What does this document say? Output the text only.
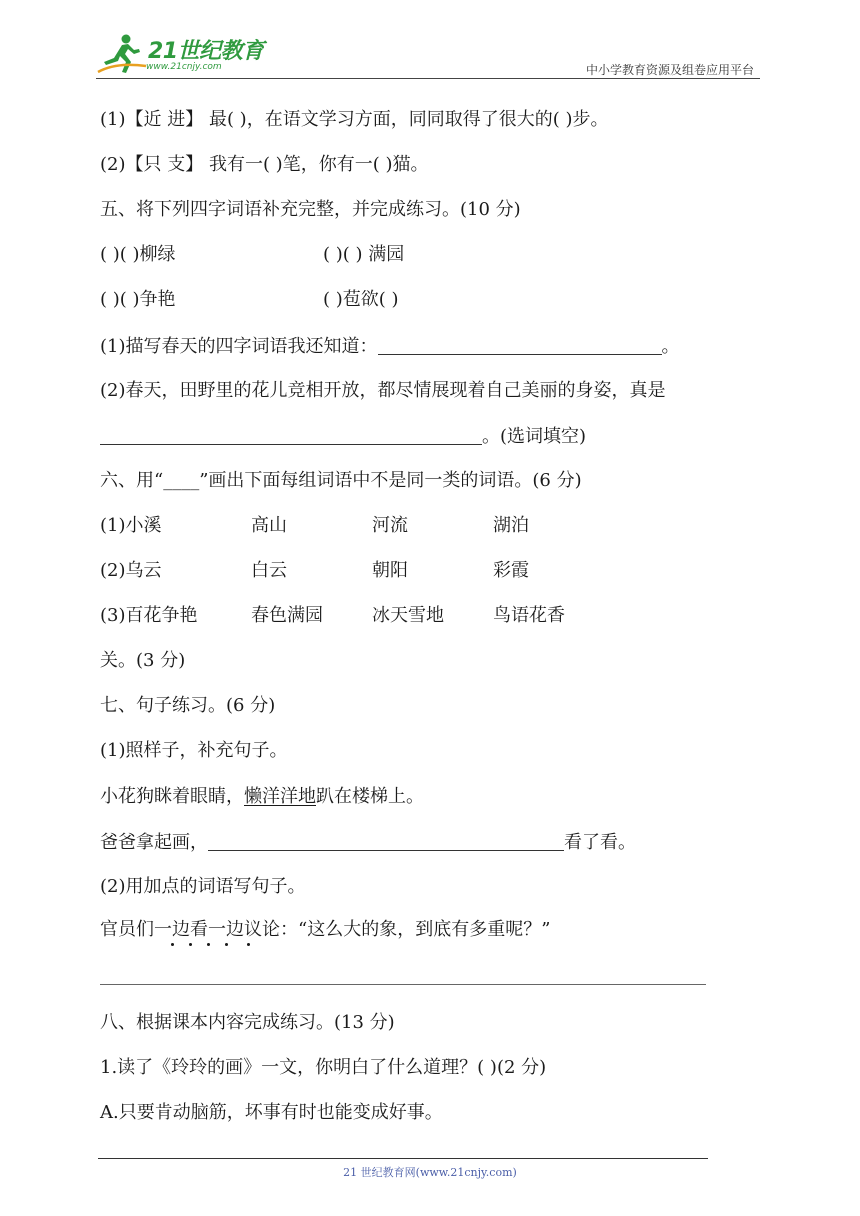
21世纪教育
www.21cnjy.com	中小学教育资源及组卷应用平台
(1)【近 进】 最( )，在语文学习方面，同同取得了很大的( )步。
(2)【只 支】 我有一( )笔，你有一( )猫。
五、将下列四字词语补充完整，并完成练习。(10 分)
( )( )柳绿	( )( ) 满园
( )( )争艳	( )苞欲( )
(1)描写春天的四字词语我还知道：	。
(2)春天，田野里的花儿竞相开放，都尽情展现着自己美丽的身姿，真是
。(选词填空)
六、用“____”画出下面每组词语中不是同一类的词语。(6 分)
(1)小溪	高山	河流	湖泊
(2)乌云	白云	朝阳	彩霞
(3)百花争艳	春色满园	冰天雪地	鸟语花香
关。(3 分)
七、句子练习。(6 分)
(1)照样子，补充句子。
小花狗眯着眼睛，懒洋洋地趴在楼梯上。
爸爸拿起画，	看了看。
(2)用加点的词语写句子。
官员们一边看一边议论：“这么大的象，到底有多重呢？”
八、根据课本内容完成练习。(13 分)
1.读了《玲玲的画》一文，你明白了什么道理？( )(2 分)
A.只要肯动脑筋，坏事有时也能变成好事。
21 世纪教育网(www.21cnjy.com)
